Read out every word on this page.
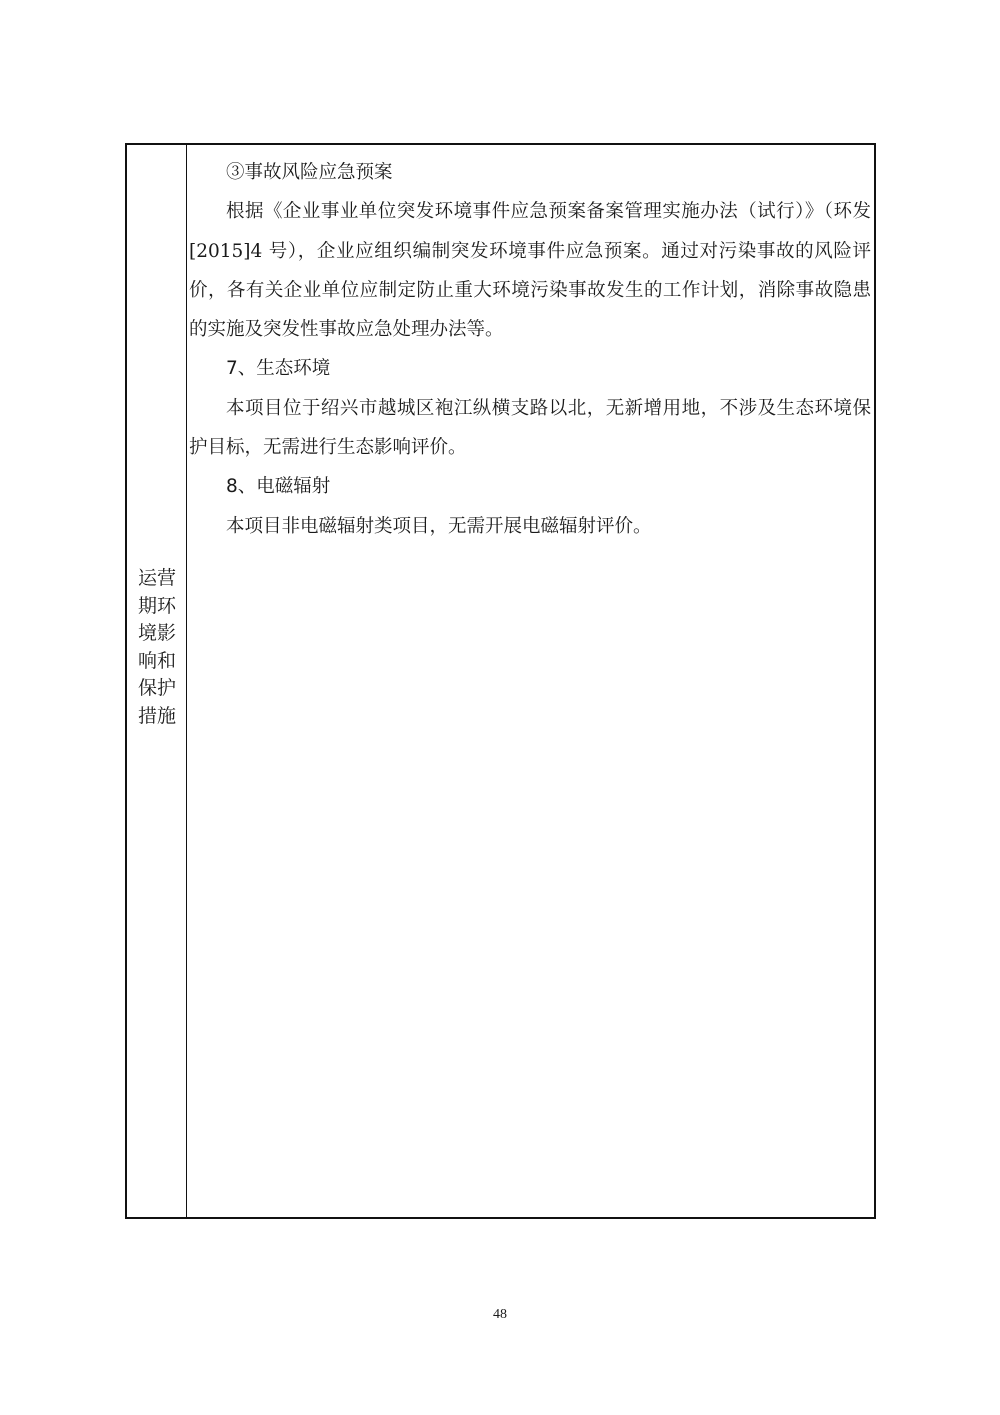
运营期环境影响和保护措施

③事故风险应急预案

根据《企业事业单位突发环境事件应急预案备案管理实施办法（试行）》（环发[2015]4 号），企业应组织编制突发环境事件应急预案。通过对污染事故的风险评价，各有关企业单位应制定防止重大环境污染事故发生的工作计划，消除事故隐患的实施及突发性事故应急处理办法等。

7、生态环境

本项目位于绍兴市越城区袍江纵横支路以北，无新增用地，不涉及生态环境保护目标，无需进行生态影响评价。

8、电磁辐射

本项目非电磁辐射类项目，无需开展电磁辐射评价。

48
